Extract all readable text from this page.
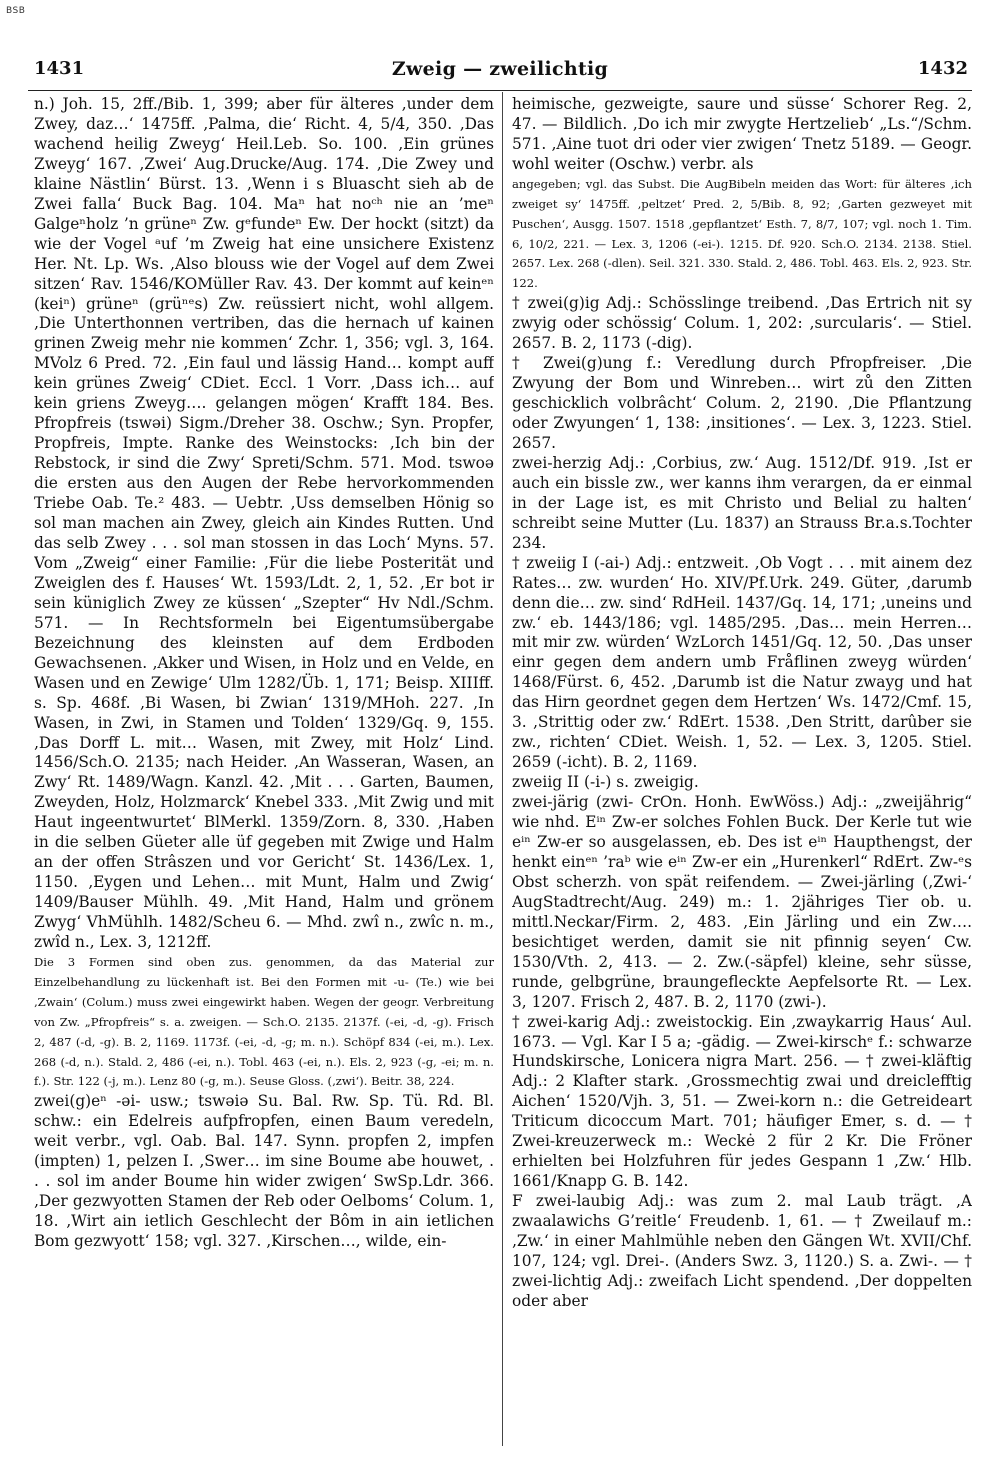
BSB
1431	Zweig — zweilichtig	1432

n.) Joh. 15, 2ff./Bib. 1, 399; aber für älteres ‚under dem Zwey, daz…‘ 1475ff. ‚Palma, die‘ Richt. 4, 5/4, 350. ‚Das wachend heilig Zweyg‘ Heil.Leb. So. 100. ‚Ein grünes Zweyg‘ 167. ‚Zwei‘ Aug.Drucke/Aug. 174. ‚Die Zwey und klaine Nästlin‘ Bürst. 13. ‚Wenn i s Bluascht sieh ab de Zwei falla‘ Buck Bag. 104. Maⁿ hat noᶜʰ nie an ’meⁿ Galgeⁿholz ’n grüneⁿ Zw. gᵉfundeⁿ Ew. Der hockt (sitzt) da wie der Vogel ᵃuf ’m Zweig hat eine unsichere Existenz Her. Nt. Lp. Ws. ‚Also blouss wie der Vogel auf dem Zwei sitzen‘ Rav. 1546/KOMüller Rav. 43. Der kommt auf keinᵉⁿ (keiⁿ) grüneⁿ (grüⁿᵉs) Zw. reüssiert nicht, wohl allgem. ‚Die Unterthonnen vertriben, das die hernach uf kainen grinen Zweig mehr nie kommen‘ Zchr. 1, 356; vgl. 3, 164. MVolz 6 Pred. 72. ‚Ein faul und lässig Hand… kompt auff kein grünes Zweig‘ CDiet. Eccl. 1 Vorr. ‚Dass ich… auf kein griens Zweyg…. gelangen mögen‘ Krafft 184. Bes. Pfropfreis (tswəi) Sigm./Dreher 38. Oschw.; Syn. Propfer, Propfreis, Impte. Ranke des Weinstocks: ‚Ich bin der Rebstock, ir sind die Zwy‘ Spreti/Schm. 571. Mod. tswoə die ersten aus den Augen der Rebe hervorkommenden Triebe Oab. Te.² 483. — Uebtr. ‚Uss demselben Hönig so sol man machen ain Zwey, gleich ain Kindes Rutten. Und das selb Zwey . . . sol man stossen in das Loch‘ Myns. 57. Vom „Zweig“ einer Familie: ‚Für die liebe Posterität und Zweiglen des f. Hauses‘ Wt. 1593/Ldt. 2, 1, 52. ‚Er bot ir sein küniglich Zwey ze küssen‘ „Szepter“ Hv Ndl./Schm. 571. — In Rechtsformeln bei Eigentumsübergabe Bezeichnung des kleinsten auf dem Erdboden Gewachsenen. ‚Akker und Wisen, in Holz und en Velde, en Wasen und en Zewige‘ Ulm 1282/Üb. 1, 171; Beisp. XIIIff. s. Sp. 468f. ‚Bi Wasen, bi Zwian‘ 1319/MHoh. 227. ‚In Wasen, in Zwi, in Stamen und Tolden‘ 1329/Gq. 9, 155. ‚Das Dorff L. mit… Wasen, mit Zwey, mit Holz‘ Lind. 1456/Sch.O. 2135; nach Heider. ‚An Wasseran, Wasen, an Zwy‘ Rt. 1489/Wagn. Kanzl. 42. ‚Mit . . . Garten, Baumen, Zweyden, Holz, Holzmarck‘ Knebel 333. ‚Mit Zwig und mit Haut ingeentwurtet‘ BlMerkl. 1359/Zorn. 8, 330. ‚Haben in die selben Güeter alle üf gegeben mit Zwige und Halm an der offen Strâszen und vor Gericht‘ St. 1436/Lex. 1, 1150. ‚Eygen und Lehen… mit Munt, Halm und Zwig‘ 1409/Bauser Mühlh. 49. ‚Mit Hand, Halm und grönem Zwyg‘ VhMühlh. 1482/Scheu 6. — Mhd. zwî n., zwîc n. m., zwîd n., Lex. 3, 1212ff.

Die 3 Formen sind oben zus. genommen, da das Material zur Einzelbehandlung zu lückenhaft ist. Bei den Formen mit -u- (Te.) wie bei ‚Zwain‘ (Colum.) muss zwei eingewirkt haben. Wegen der geogr. Verbreitung von Zw. „Pfropfreis“ s. a. zweigen. — Sch.O. 2135. 2137f. (-ei, -d, -g). Frisch 2, 487 (-d, -g). B. 2, 1169. 1173f. (-ei, -d, -g; m. n.). Schöpf 834 (-ei, m.). Lex. 268 (-d, n.). Stald. 2, 486 (-ei, n.). Tobl. 463 (-ei, n.). Els. 2, 923 (-g, -ei; m. n. f.). Str. 122 (-j, m.). Lenz 80 (-g, m.). Seuse Gloss. (‚zwi‘). Beitr. 38, 224.

zwei(g)eⁿ -əi- usw.; tswəiə Su. Bal. Rw. Sp. Tü. Rd. Bl. schw.: ein Edelreis aufpfropfen, einen Baum veredeln, weit verbr., vgl. Oab. Bal. 147. Synn. propfen 2, impfen (impten) 1, pelzen I. ‚Swer… im sine Boume abe houwet, . . . sol im ander Boume hin wider zwigen‘ SwSp.Ldr. 366. ‚Der gezwyotten Stamen der Reb oder Oelboms‘ Colum. 1, 18. ‚Wirt ain ietlich Geschlecht der Bôm in ain ietlichen Bom gezwyott‘ 158; vgl. 327. ‚Kirschen…, wilde, ein-

heimische, gezweigte, saure und süsse‘ Schorer Reg. 2, 47. — Bildlich. ‚Do ich mir zwygte Hertzelieb‘ „Ls.“/Schm. 571. ‚Aine tuot dri oder vier zwigen‘ Tnetz 5189. — Geogr. wohl weiter (Oschw.) verbr. als

angegeben; vgl. das Subst. Die AugBibeln meiden das Wort: für älteres ‚ich zweiget sy‘ 1475ff. ‚peltzet‘ Pred. 2, 5/Bib. 8, 92; ‚Garten gezweyet mit Puschen‘, Ausgg. 1507. 1518 ‚gepflantzet‘ Esth. 7, 8/7, 107; vgl. noch 1. Tim. 6, 10/2, 221. — Lex. 3, 1206 (-ei-). 1215. Df. 920. Sch.O. 2134. 2138. Stiel. 2657. Lex. 268 (-dlen). Seil. 321. 330. Stald. 2, 486. Tobl. 463. Els. 2, 923. Str. 122.

† zwei(g)ig Adj.: Schösslinge treibend. ‚Das Ertrich nit sy zwyig oder schössig‘ Colum. 1, 202: ‚surcularis‘. — Stiel. 2657. B. 2, 1173 (-dig).

† Zwei(g)ung f.: Veredlung durch Pfropfreiser. ‚Die Zwyung der Bom und Winreben… wirt zů den Zitten geschicklich volbrâcht‘ Colum. 2, 2190. ‚Die Pflantzung oder Zwyungen‘ 1, 138: ‚insitiones‘. — Lex. 3, 1223. Stiel. 2657.

zwei-herzig Adj.: ‚Corbius, zw.‘ Aug. 1512/Df. 919. ‚Ist er auch ein bissle zw., wer kanns ihm verargen, da er einmal in der Lage ist, es mit Christo und Belial zu halten‘ schreibt seine Mutter (Lu. 1837) an Strauss Br.a.s.Tochter 234.

† zweiig I (-ai-) Adj.: entzweit. ‚Ob Vogt . . . mit ainem dez Rates… zw. wurden‘ Ho. XIV/Pf.Urk. 249. Güter, ‚darumb denn die… zw. sind‘ RdHeil. 1437/Gq. 14, 171; ‚uneins und zw.‘ eb. 1443/186; vgl. 1485/295. ‚Das… mein Herren… mit mir zw. würden‘ WzLorch 1451/Gq. 12, 50. ‚Das unser einr gegen dem andern umb Fråflinen zweyg würden‘ 1468/Fürst. 6, 452. ‚Darumb ist die Natur zwayg und hat das Hirn geordnet gegen dem Hertzen‘ Ws. 1472/Cmf. 15, 3. ‚Strittig oder zw.‘ RdErt. 1538. ‚Den Stritt, darûber sie zw., richten‘ CDiet. Weish. 1, 52. — Lex. 3, 1205. Stiel. 2659 (-icht). B. 2, 1169.

zweiig II (-i-) s. zweigig.

zwei-järig (zwi- CrOn. Honh. EwWöss.) Adj.: „zweijährig“ wie nhd. Eⁱⁿ Zw-er solches Fohlen Buck. Der Kerle tut wie eⁱⁿ Zw-er so ausgelassen, eb. Des ist eⁱⁿ Haupthengst, der henkt einᵉⁿ ’raᵇ wie eⁱⁿ Zw-er ein „Hurenkerl“ RdErt. Zw-ᵉs Obst scherzh. von spät reifendem. — Zwei-järling (‚Zwi-‘ AugStadtrecht/Aug. 249) m.: 1. 2jähriges Tier ob. u. mittl.Neckar/Firm. 2, 483. ‚Ein Järling und ein Zw…. besichtiget werden, damit sie nit pfinnig seyen‘ Cw. 1530/Vth. 2, 413. — 2. Zw.(-säpfel) kleine, sehr süsse, runde, gelbgrüne, braungefleckte Aepfelsorte Rt. — Lex. 3, 1207. Frisch 2, 487. B. 2, 1170 (zwi-).

† zwei-karig Adj.: zweistockig. Ein ‚zwaykarrig Haus‘ Aul. 1673. — Vgl. Kar I 5 a; -gädig. — Zwei-kirschᵉ f.: schwarze Hundskirsche, Lonicera nigra Mart. 256. — † zwei-kläftig Adj.: 2 Klafter stark. ‚Grossmechtig zwai und dreiclefftig Aichen‘ 1520/Vjh. 3, 51. — Zwei-korn n.: die Getreideart Triticum dicoccum Mart. 701; häufiger Emer, s. d. — † Zwei-kreuzerweck m.: Weckė 2 für 2 Kr. Die Fröner erhielten bei Holzfuhren für jedes Gespann 1 ‚Zw.‘ Hlb. 1661/Knapp G. B. 142.

F zwei-laubig Adj.: was zum 2. mal Laub trägt. ‚A zwaalawichs G’reitle‘ Freudenb. 1, 61. — † Zweilauf m.: ‚Zw.‘ in einer Mahlmühle neben den Gängen Wt. XVII/Chf. 107, 124; vgl. Drei-. (Anders Swz. 3, 1120.) S. a. Zwi-. — † zwei-lichtig Adj.: zweifach Licht spendend. ‚Der doppelten oder aber
